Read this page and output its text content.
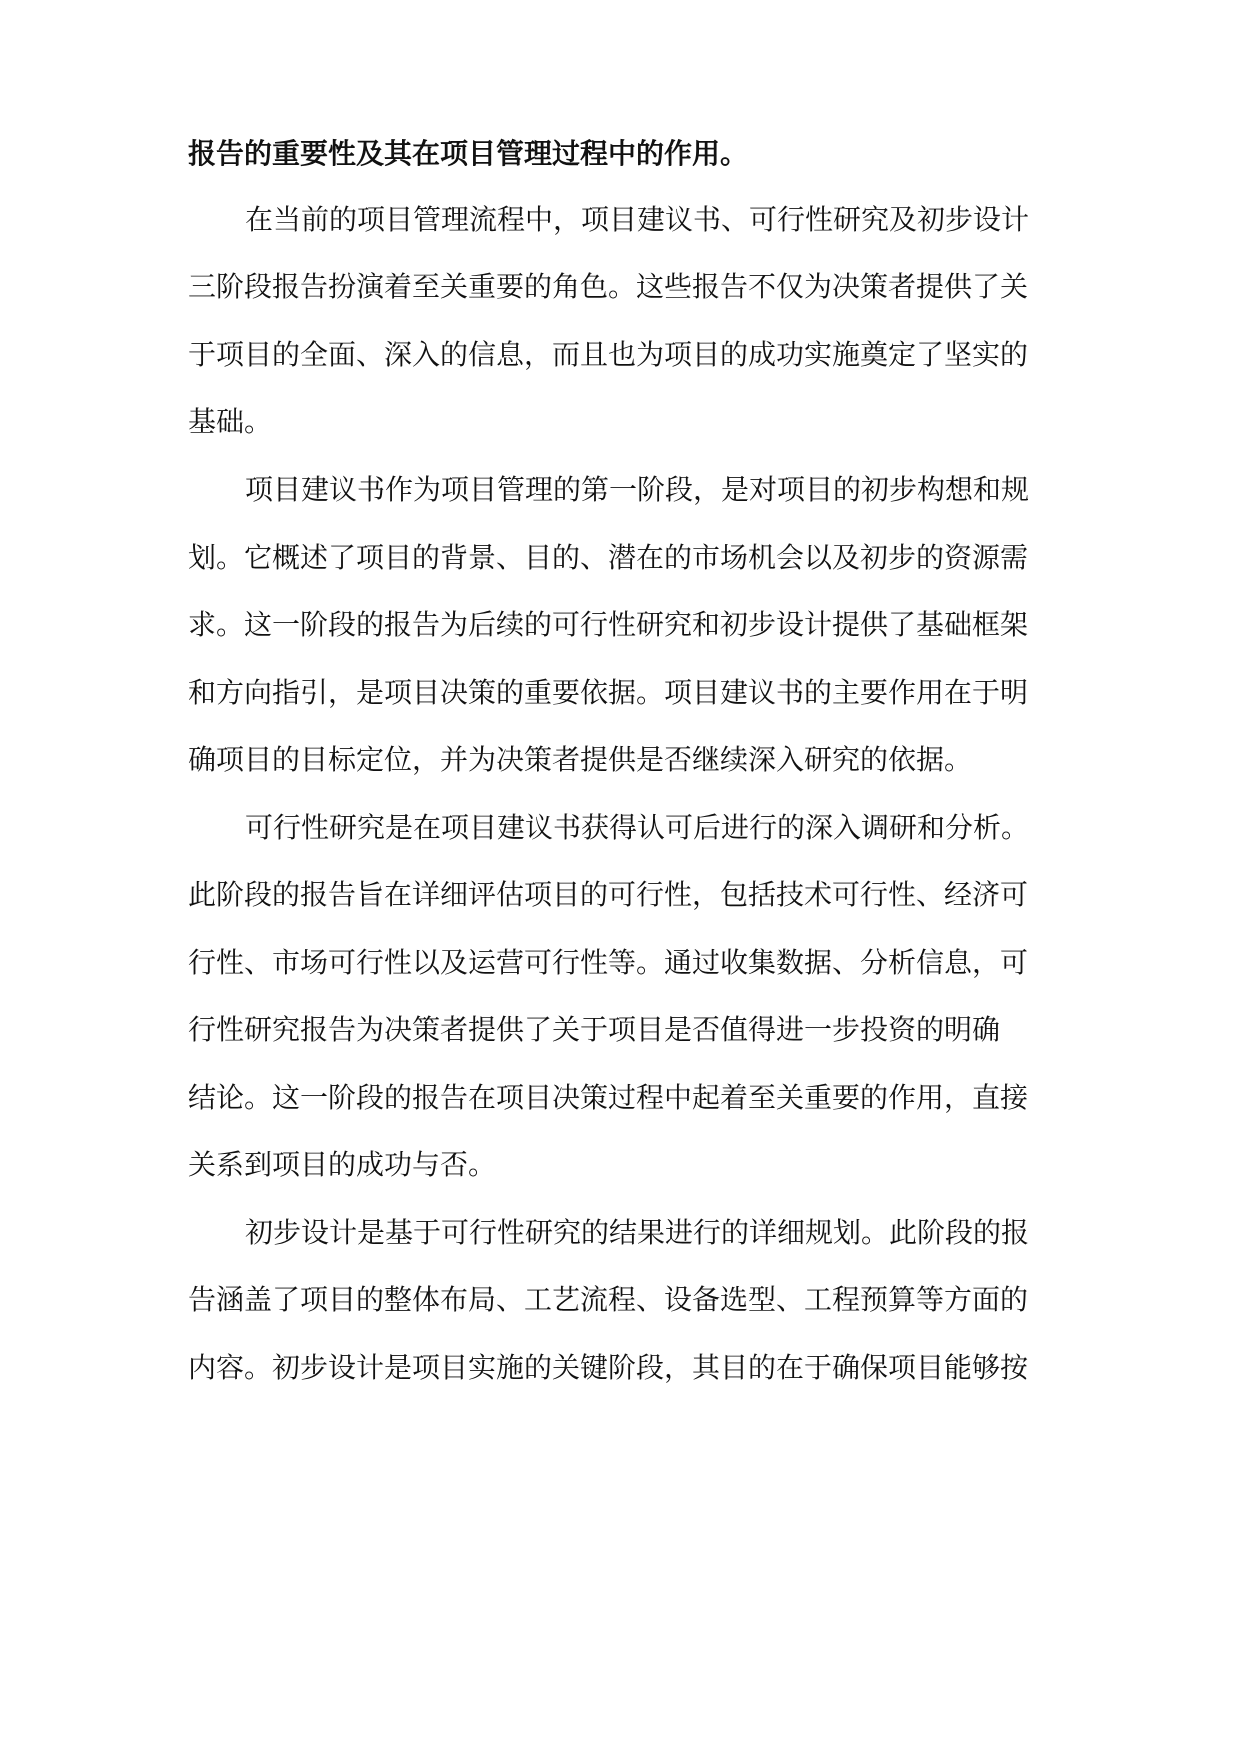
报告的重要性及其在项目管理过程中的作用。
在当前的项目管理流程中，项目建议书、可行性研究及初步设计
三阶段报告扮演着至关重要的角色。这些报告不仅为决策者提供了关
于项目的全面、深入的信息，而且也为项目的成功实施奠定了坚实的
基础。
项目建议书作为项目管理的第一阶段，是对项目的初步构想和规
划。它概述了项目的背景、目的、潜在的市场机会以及初步的资源需
求。这一阶段的报告为后续的可行性研究和初步设计提供了基础框架
和方向指引，是项目决策的重要依据。项目建议书的主要作用在于明
确项目的目标定位，并为决策者提供是否继续深入研究的依据。
可行性研究是在项目建议书获得认可后进行的深入调研和分析。
此阶段的报告旨在详细评估项目的可行性，包括技术可行性、经济可
行性、市场可行性以及运营可行性等。通过收集数据、分析信息，可
行性研究报告为决策者提供了关于项目是否值得进一步投资的明确
结论。这一阶段的报告在项目决策过程中起着至关重要的作用，直接
关系到项目的成功与否。
初步设计是基于可行性研究的结果进行的详细规划。此阶段的报
告涵盖了项目的整体布局、工艺流程、设备选型、工程预算等方面的
内容。初步设计是项目实施的关键阶段，其目的在于确保项目能够按
